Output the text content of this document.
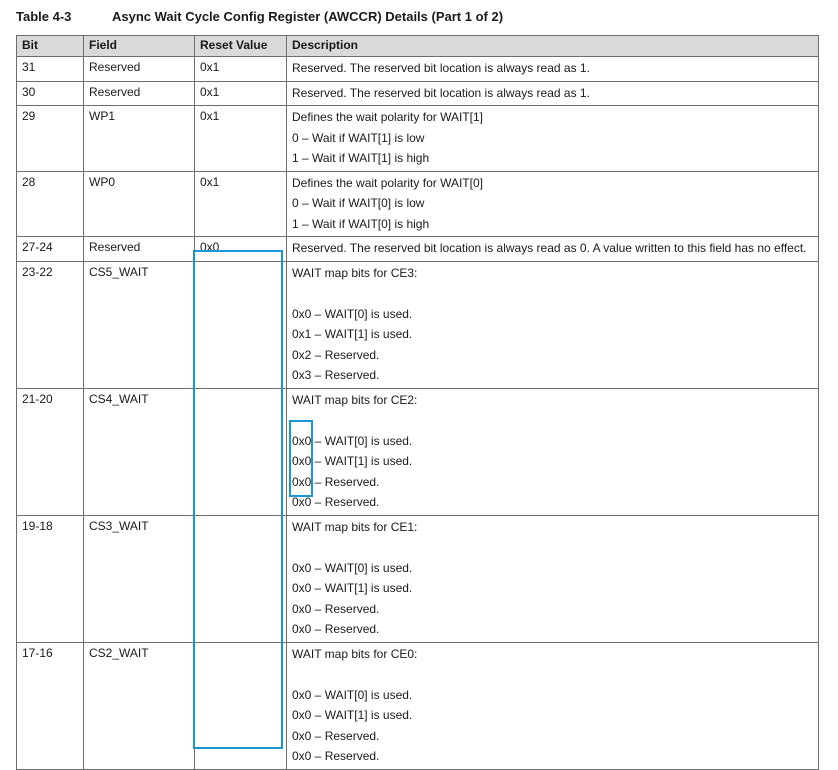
Table 4-3	Async Wait Cycle Config Register (AWCCR) Details (Part 1 of 2)
Bit	Field	Reset Value	Description
31	Reserved	0x1	Reserved. The reserved bit location is always read as 1.

30	Reserved	0x1	Reserved. The reserved bit location is always read as 1.

29	WP1	0x1	Defines the wait polarity for WAIT[1]
0 – Wait if WAIT[1] is low
1 – Wait if WAIT[1] is high

28	WP0	0x1	Defines the wait polarity for WAIT[0]
0 – Wait if WAIT[0] is low
1 – Wait if WAIT[0] is high

27-24	Reserved	0x0	Reserved. The reserved bit location is always read as 0. A value written to this field has no effect.

23-22	CS5_WAIT		WAIT map bits for CE3:
0x0 – WAIT[0] is used.
0x1 – WAIT[1] is used.
0x2 – Reserved.
0x3 – Reserved.

21-20	CS4_WAIT		WAIT map bits for CE2:
0x0 – WAIT[0] is used.
0x0 – WAIT[1] is used.
0x0 – Reserved.
0x0 – Reserved.

19-18	CS3_WAIT		WAIT map bits for CE1:
0x0 – WAIT[0] is used.
0x0 – WAIT[1] is used.
0x0 – Reserved.
0x0 – Reserved.

17-16	CS2_WAIT		WAIT map bits for CE0:
0x0 – WAIT[0] is used.
0x0 – WAIT[1] is used.
0x0 – Reserved.
0x0 – Reserved.
